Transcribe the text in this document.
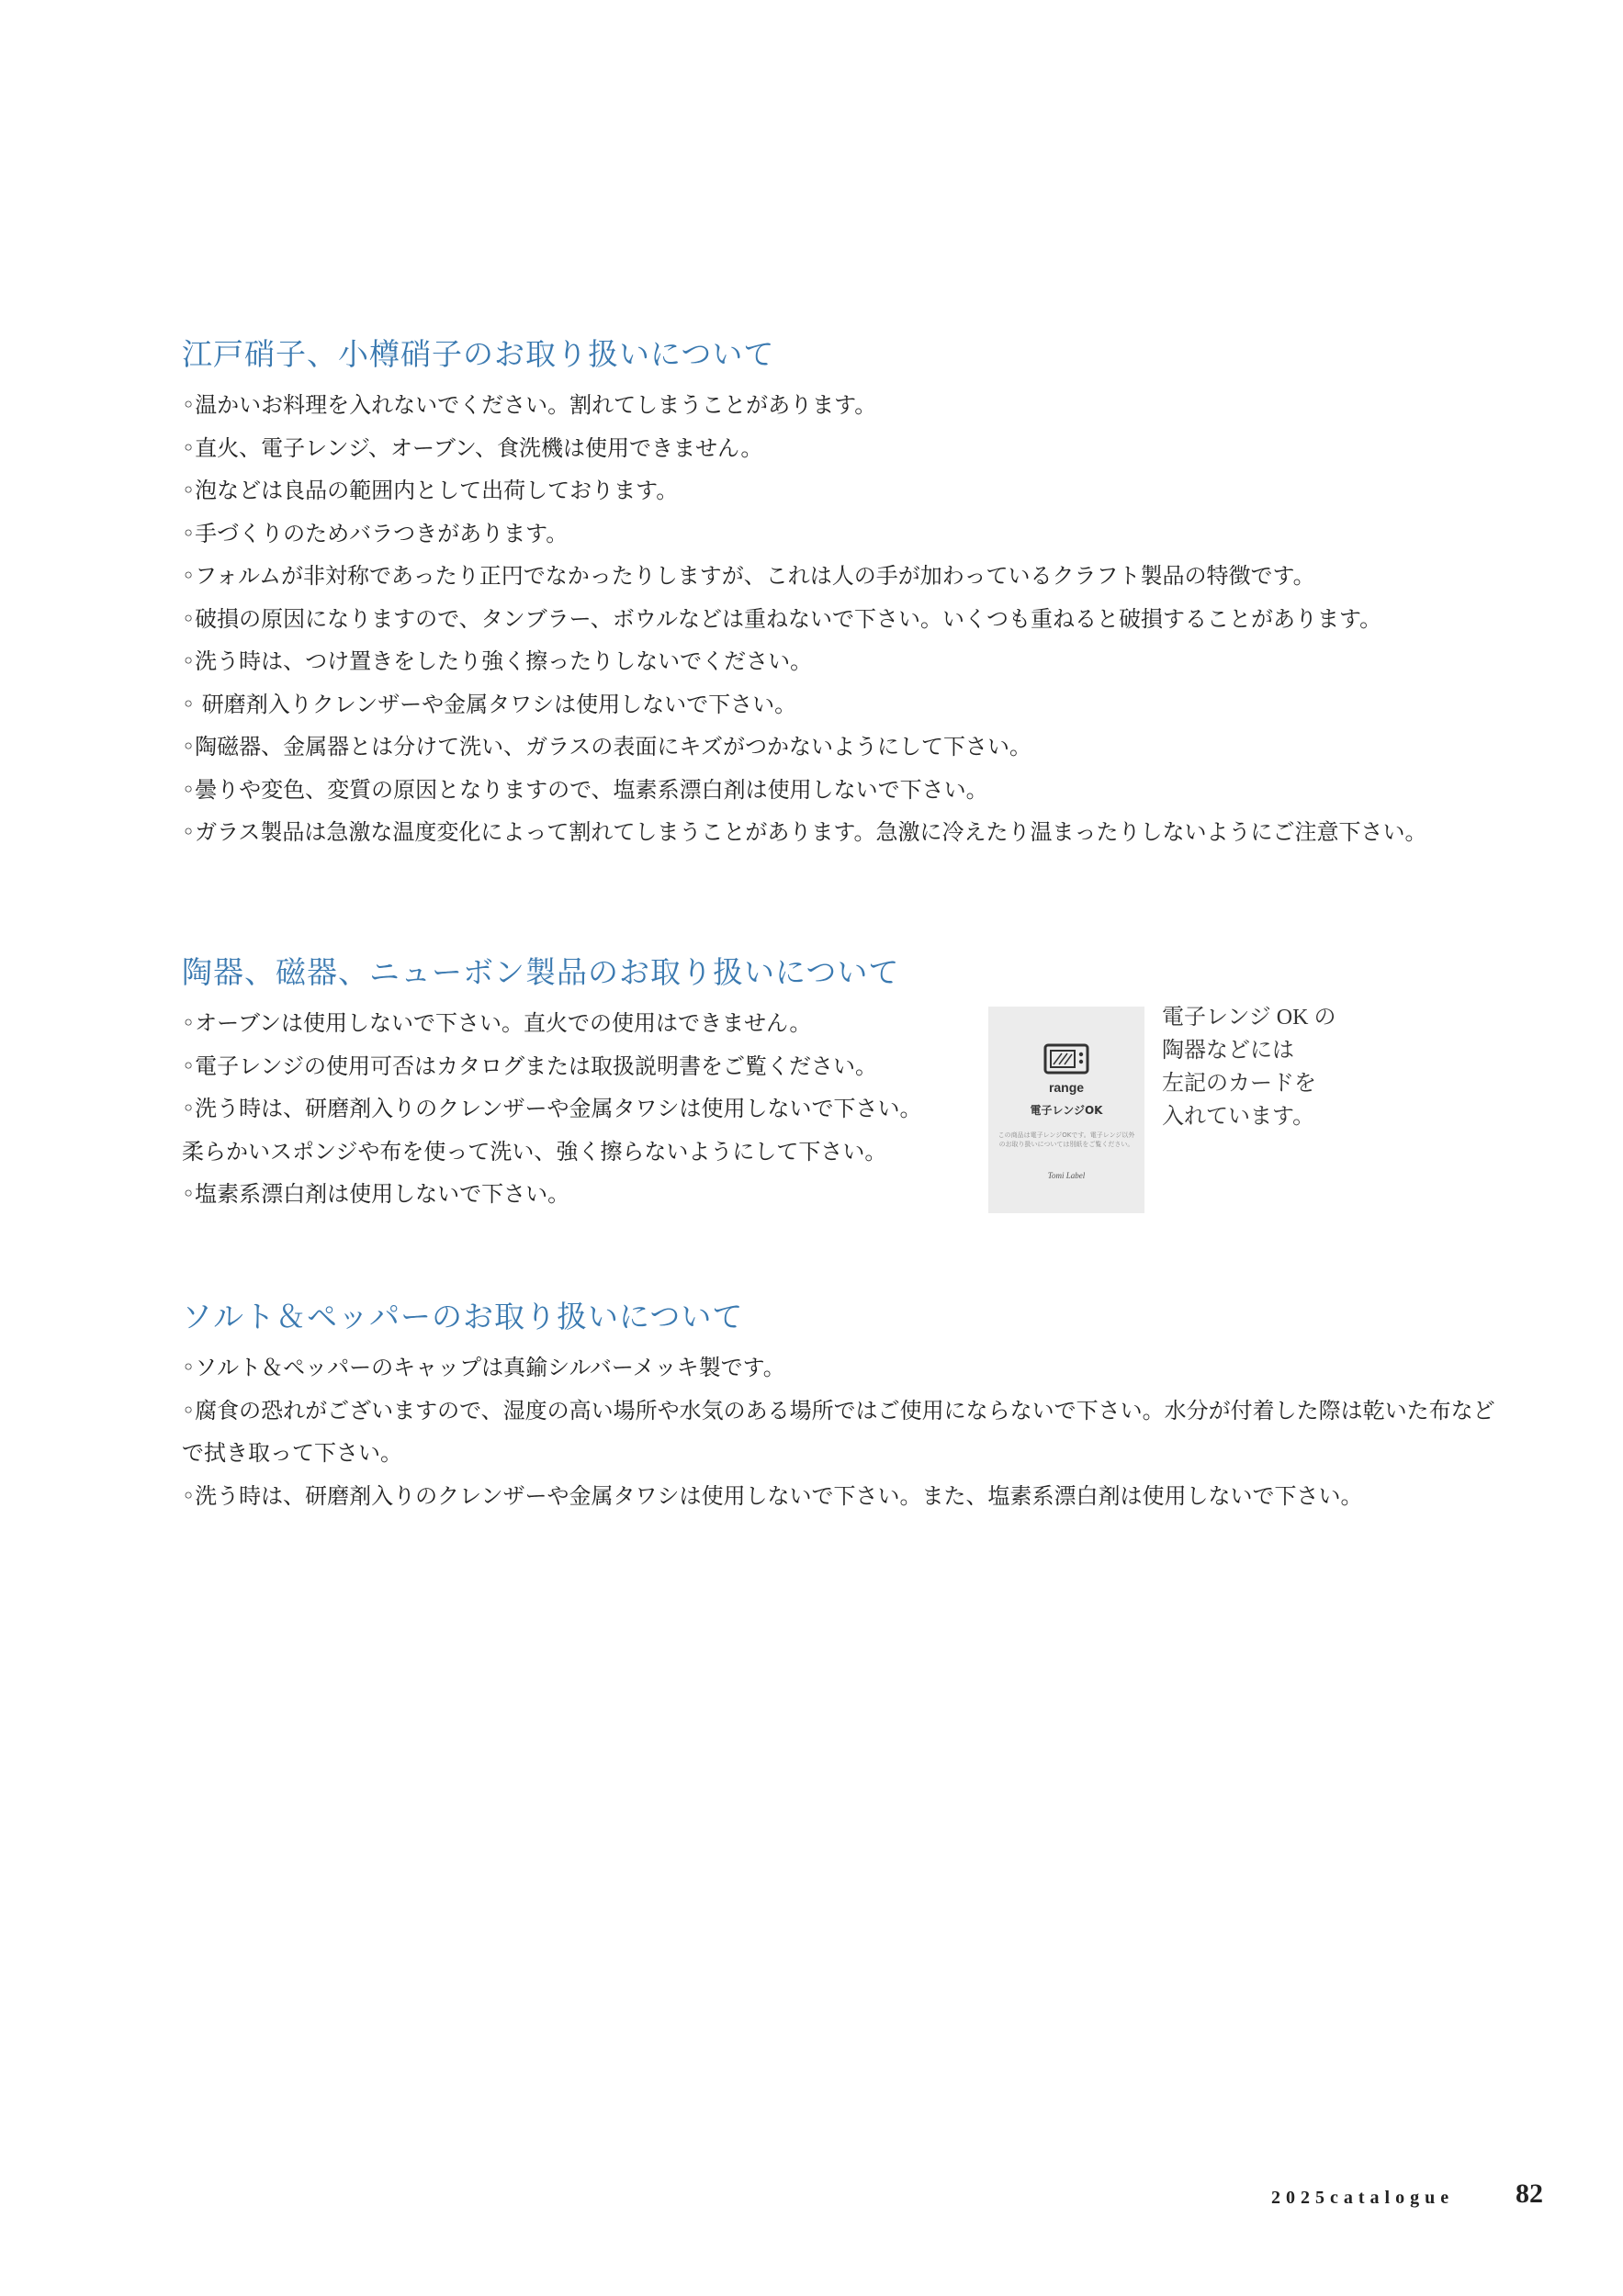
江戸硝子、小樽硝子のお取り扱いについて
◦温かいお料理を入れないでください。割れてしまうことがあります。
◦直火、電子レンジ、オーブン、食洗機は使用できません。
◦泡などは良品の範囲内として出荷しております。
◦手づくりのためバラつきがあります。
◦フォルムが非対称であったり正円でなかったりしますが、これは人の手が加わっているクラフト製品の特徴です。
◦破損の原因になりますので、タンブラー、ボウルなどは重ねないで下さい。いくつも重ねると破損することがあります。
◦洗う時は、つけ置きをしたり強く擦ったりしないでください。
◦ 研磨剤入りクレンザーや金属タワシは使用しないで下さい。
◦陶磁器、金属器とは分けて洗い、ガラスの表面にキズがつかないようにして下さい。
◦曇りや変色、変質の原因となりますので、塩素系漂白剤は使用しないで下さい。
◦ガラス製品は急激な温度変化によって割れてしまうことがあります。急激に冷えたり温まったりしないようにご注意下さい。
陶器、磁器、ニューボン製品のお取り扱いについて
◦オーブンは使用しないで下さい。直火での使用はできません。
◦電子レンジの使用可否はカタログまたは取扱説明書をご覧ください。
◦洗う時は、研磨剤入りのクレンザーや金属タワシは使用しないで下さい。
柔らかいスポンジや布を使って洗い、強く擦らないようにして下さい。
◦塩素系漂白剤は使用しないで下さい。
range
電子レンジOK
この商品は電子レンジOKです。電子レンジ以外のお取り扱いについては別紙をご覧ください。
Tomi Label
電子レンジ OK の
陶器などには
左記のカードを
入れています。
ソルト＆ペッパーのお取り扱いについて
◦ソルト＆ペッパーのキャップは真鍮シルバーメッキ製です。
◦腐食の恐れがございますので、湿度の高い場所や水気のある場所ではご使用にならないで下さい。水分が付着した際は乾いた布などで拭き取って下さい。
◦洗う時は、研磨剤入りのクレンザーや金属タワシは使用しないで下さい。また、塩素系漂白剤は使用しないで下さい。
2025catalogue 82
